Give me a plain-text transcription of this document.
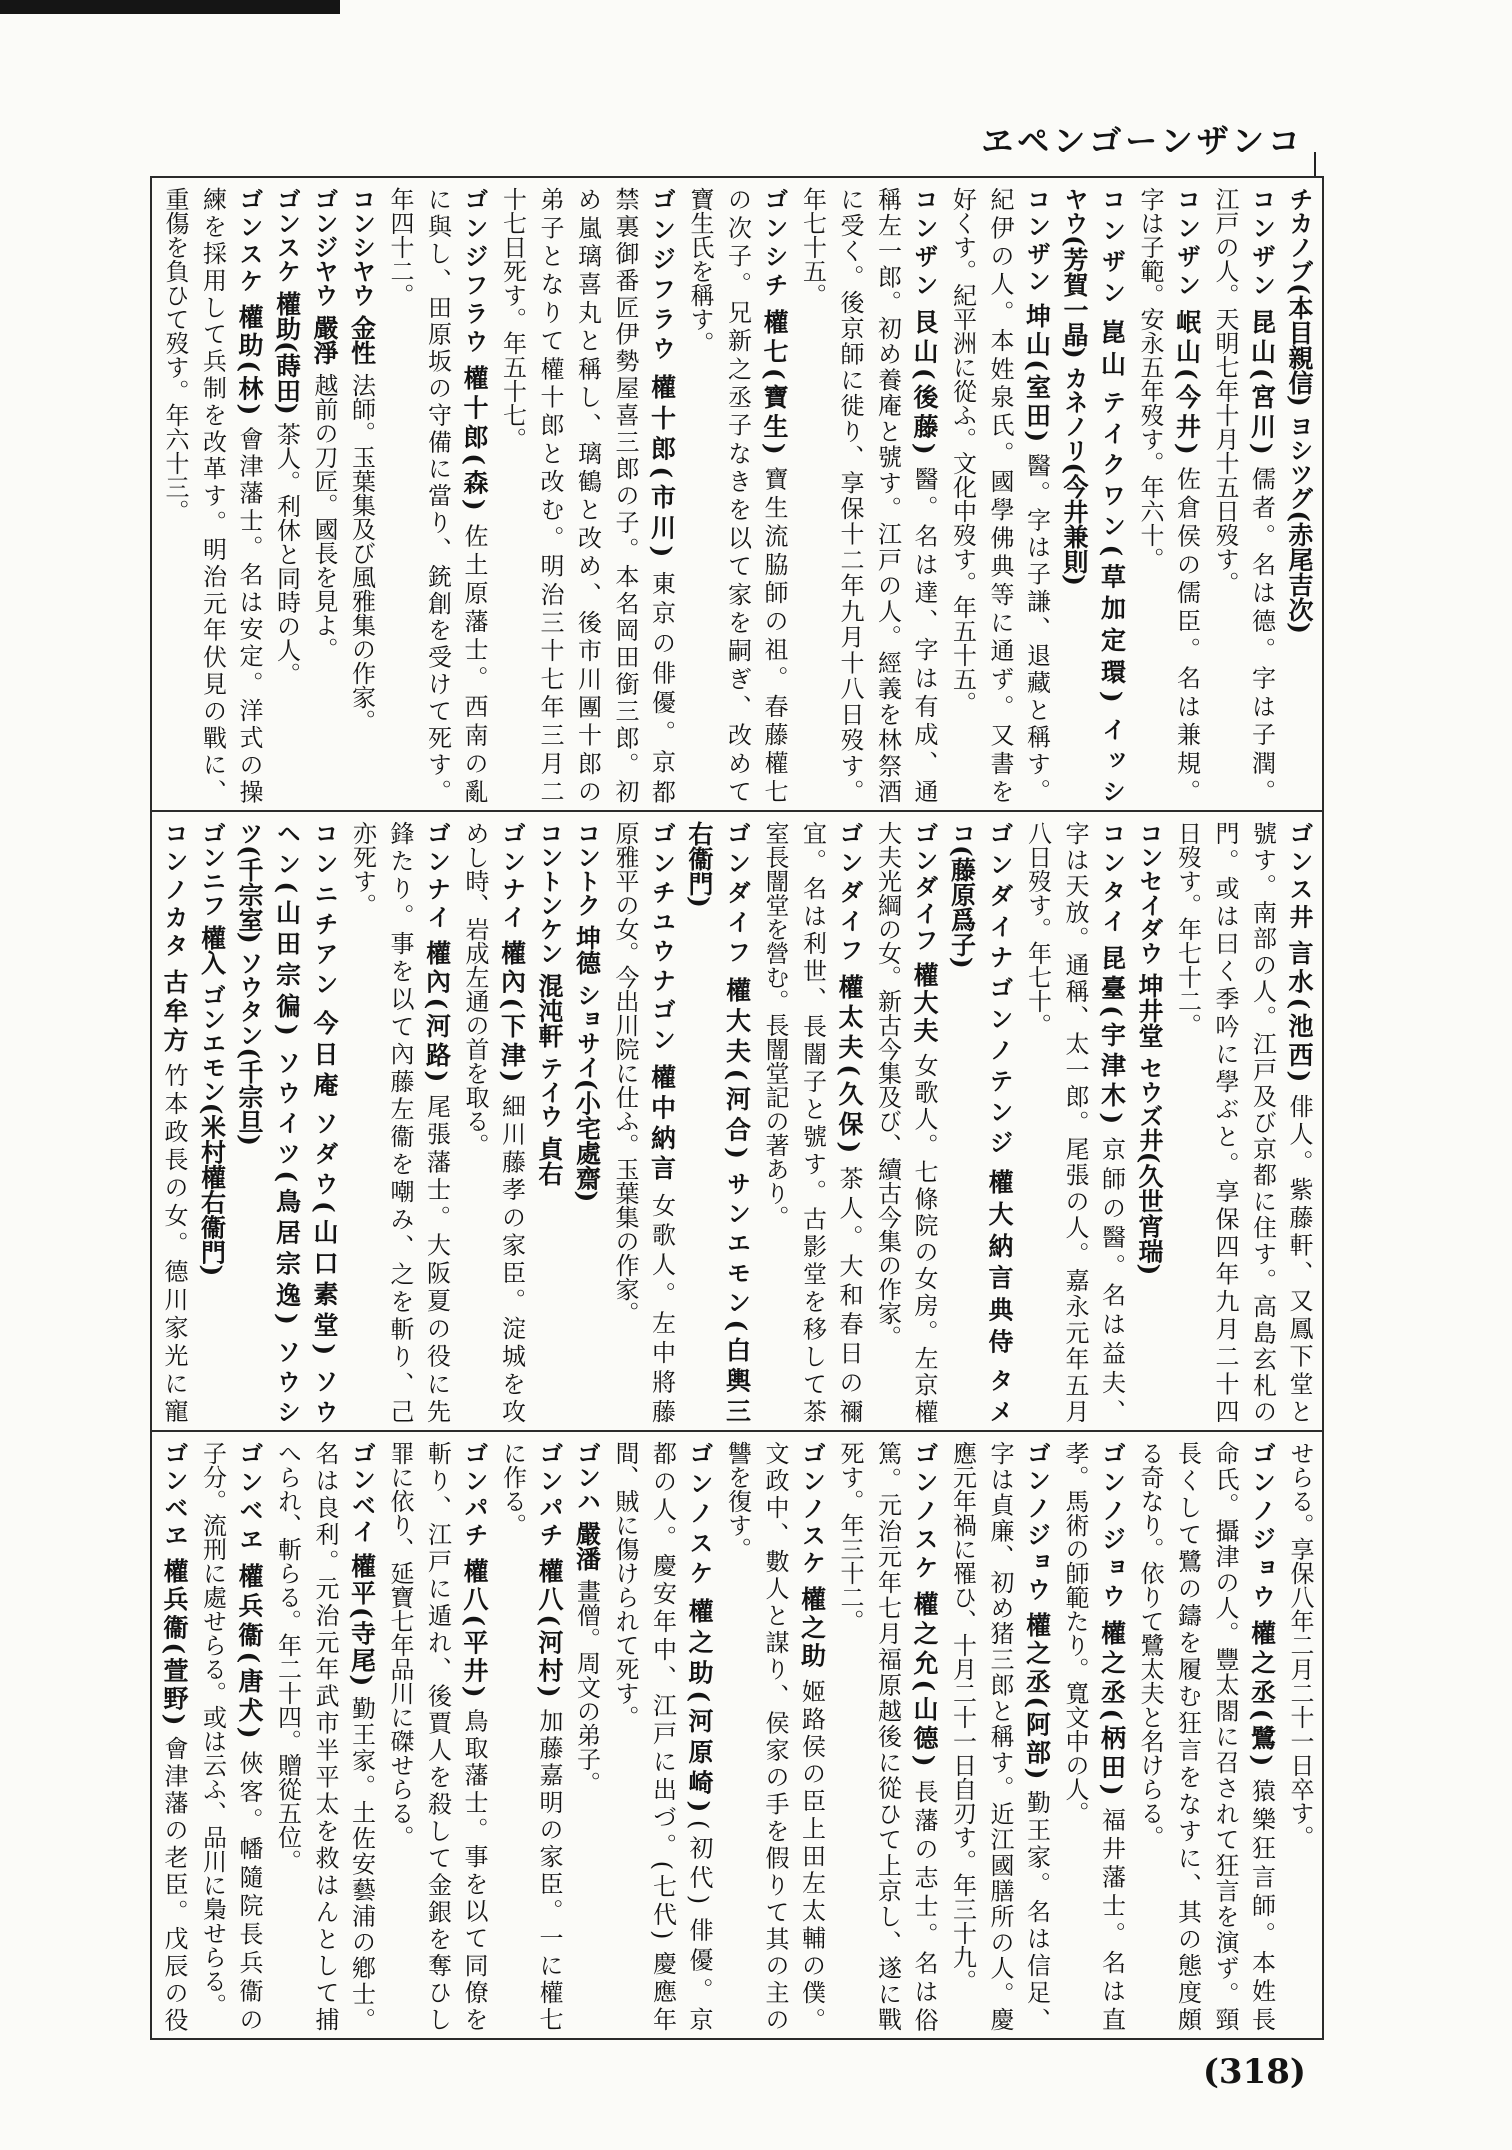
コンザンーゴンペヱ
チカノブ(本目親信)ヨシツグ(赤尾吉次)
コンザン昆山(宮川)儒者。名は德。字は子潤。
江戸の人。天明七年十月十五日歿す。
コンザン岷山(今井)佐倉侯の儒臣。名は兼規。
字は子範。安永五年歿す。年六十。
コンザン崑山テイクワン(草加定環)イッシ
ヤウ(芳賀一晶)カネノリ(今井兼則)
コンザン坤山(室田)醫。字は子謙、退藏と稱す。
紀伊の人。本姓泉氏。國學佛典等に通ず。又書を
好くす。紀平洲に從ふ。文化中歿す。年五十五。
コンザン艮山(後藤)醫。名は達、字は有成、通
稱左一郎。初め養庵と號す。江戸の人。經義を林祭酒
に受く。後京師に徙り、享保十二年九月十八日歿す。
年七十五。
ゴンシチ權七(寶生)寶生流脇師の祖。春藤權七
の次子。兄新之丞子なきを以て家を嗣ぎ、改めて
寶生氏を稱す。
ゴンジフラウ權十郎(市川)東京の俳優。京都
禁裏御番匠伊勢屋喜三郎の子。本名岡田銜三郎。初
め嵐璃喜丸と稱し、璃鶴と改め、後市川團十郎の
弟子となりて權十郎と改む。明治三十七年三月二
十七日死す。年五十七。
ゴンジフラウ權十郎(森)佐土原藩士。西南の亂
に與し、田原坂の守備に當り、銃創を受けて死す。
年四十二。
コンシヤウ金性法師。玉葉集及び風雅集の作家。
ゴンジヤウ嚴淨越前の刀匠。國長を見よ。
ゴンスケ權助(蒔田)茶人。利休と同時の人。
ゴンスケ權助(林)會津藩士。名は安定。洋式の操
練を採用して兵制を改革す。明治元年伏見の戰に、
重傷を負ひて歿す。年六十三。
ゴンス井言水(池西)俳人。紫藤軒、又鳳下堂と
號す。南部の人。江戸及び京都に住す。高島玄札の
門。或は曰く季吟に學ぶと。享保四年九月二十四
日歿す。年七十二。
コンセイダウ坤井堂セウズ井(久世宵瑞)
コンタイ昆臺(宇津木)京師の醫。名は益夫、
字は天放。通稱、太一郎。尾張の人。嘉永元年五月
八日歿す。年七十。
ゴンダイナゴンノテンジ權大納言典侍タメ
コ(藤原爲子)
ゴンダイフ權大夫女歌人。七條院の女房。左京權
大夫光綱の女。新古今集及び、續古今集の作家。
ゴンダイフ權太夫(久保)茶人。大和春日の禰
宜。名は利世、長闇子と號す。古影堂を移して茶
室長闇堂を營む。長闇堂記の著あり。
ゴンダイフ權大夫(河合)サンエモン(白輿三
右衞門)
ゴンチユウナゴン權中納言女歌人。左中將藤
原雅平の女。今出川院に仕ふ。玉葉集の作家。
コントク坤德ショサイ(小宅處齋)
コントンケン混沌軒テイウ貞右
ゴンナイ權內(下津)細川藤孝の家臣。淀城を攻
めし時、岩成左通の首を取る。
ゴンナイ權內(河路)尾張藩士。大阪夏の役に先
鋒たり。事を以て內藤左衞を嘲み、之を斬り、己
亦死す。
コンニチアン今日庵ソダウ(山口素堂)ソウ
ヘン(山田宗徧)ソウイツ(鳥居宗逸)ソウシ
ツ(千宗室)ソウタン(千宗旦)
ゴンニフ權入ゴンエモン(米村權右衞門)
コンノカタ古牟方竹本政長の女。德川家光に寵
せらる。享保八年二月二十一日卒す。
ゴンノジョウ權之丞(鷺)猿樂狂言師。本姓長
命氏。攝津の人。豐太閤に召されて狂言を演ず。頸
長くして鷺の鑄を履む狂言をなすに、其の態度頗
る奇なり。依りて鷺太夫と名けらる。
ゴンノジョウ權之丞(柄田)福井藩士。名は直
孝。馬術の師範たり。寬文中の人。
ゴンノジョウ權之丞(阿部)勤王家。名は信足、
字は貞廉、初め猪三郎と稱す。近江國膳所の人。慶
應元年禍に罹ひ、十月二十一日自刃す。年三十九。
ゴンノスケ權之允(山德)長藩の志士。名は俗
篤。元治元年七月福原越後に從ひて上京し、遂に戰
死す。年三十二。
ゴンノスケ權之助姬路侯の臣上田左太輔の僕。
文政中、數人と謀り、侯家の手を假りて其の主の
讐を復す。
ゴンノスケ權之助(河原崎)(初代) 俳優。京
都の人。慶安年中、江戸に出づ。(七代) 慶應年
間、賊に傷けられて死す。
ゴンハ嚴潘畫僧。周文の弟子。
ゴンパチ權八(河村)加藤嘉明の家臣。一に權七
に作る。
ゴンパチ權八(平井)鳥取藩士。事を以て同僚を
斬り、江戸に遁れ、後賈人を殺して金銀を奪ひし
罪に依り、延寶七年品川に磔せらる。
ゴンベイ權平(寺尾)勤王家。土佐安藝浦の鄕士。
名は良利。元治元年武市半平太を救はんとして捕
へられ、斬らる。年二十四。贈從五位。
ゴンベヱ權兵衞(唐犬)俠客。幡隨院長兵衞の
子分。流刑に處せらる。或は云ふ、品川に梟せらる。
ゴンベヱ權兵衞(萱野)會津藩の老臣。戊辰の役
(318)
